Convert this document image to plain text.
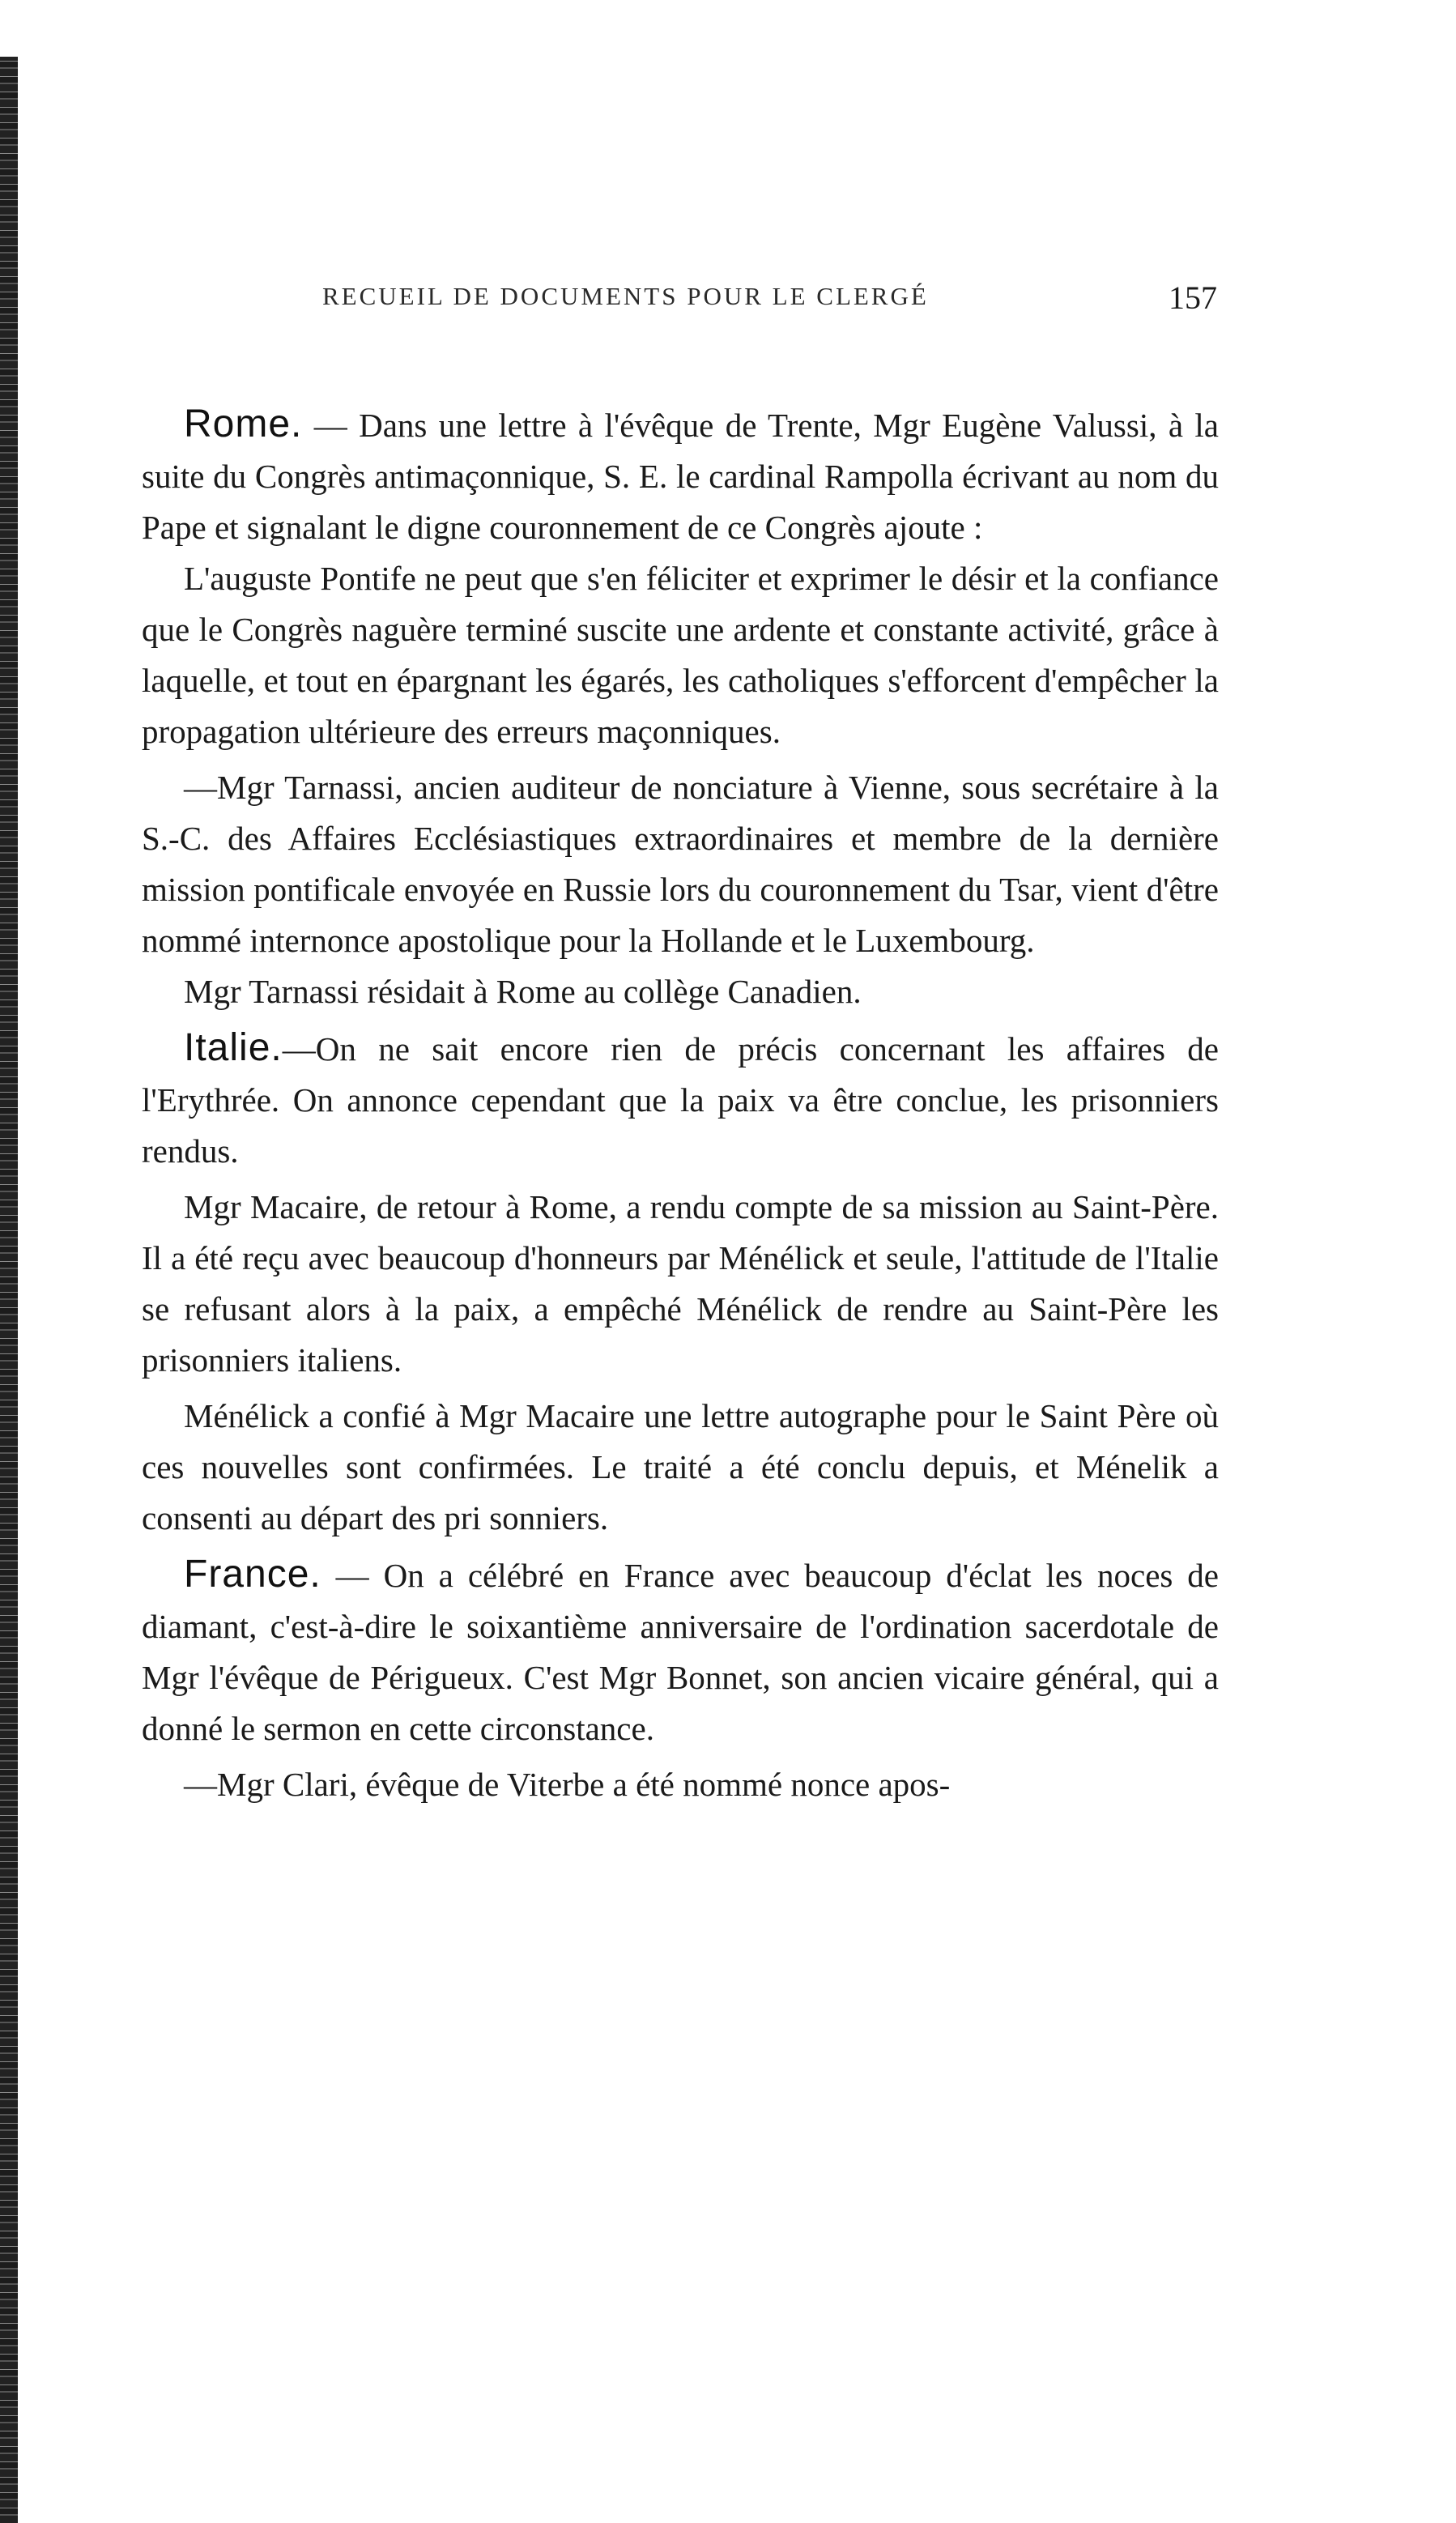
RECUEIL DE DOCUMENTS POUR LE CLERGÉ	157

Rome. — Dans une lettre à l'évêque de Trente, Mgr Eugène Valussi, à la suite du Congrès antimaçonnique, S. E. le cardinal Rampolla écrivant au nom du Pape et signalant le digne couronnement de ce Congrès ajoute :

L'auguste Pontife ne peut que s'en féliciter et exprimer le désir et la confiance que le Congrès naguère terminé suscite une ardente et constante activité, grâce à laquelle, et tout en épargnant les égarés, les catholiques s'efforcent d'empêcher la propagation ultérieure des erreurs maçonniques.

—Mgr Tarnassi, ancien auditeur de nonciature à Vienne, sous secrétaire à la S.-C. des Affaires Ecclésiastiques extraordinaires et membre de la dernière mission pontificale envoyée en Russie lors du couronnement du Tsar, vient d'être nommé internonce apostolique pour la Hollande et le Luxembourg.

Mgr Tarnassi résidait à Rome au collège Canadien.

Italie.—On ne sait encore rien de précis concernant les affaires de l'Erythrée. On annonce cependant que la paix va être conclue, les prisonniers rendus.

Mgr Macaire, de retour à Rome, a rendu compte de sa mission au Saint-Père. Il a été reçu avec beaucoup d'honneurs par Ménélick et seule, l'attitude de l'Italie se refusant alors à la paix, a empêché Ménélick de rendre au Saint-Père les prisonniers italiens.

Ménélick a confié à Mgr Macaire une lettre autographe pour le Saint Père où ces nouvelles sont confirmées. Le traité a été conclu depuis, et Ménelik a consenti au départ des pri sonniers.

France. — On a célébré en France avec beaucoup d'éclat les noces de diamant, c'est-à-dire le soixantième anniversaire de l'ordination sacerdotale de Mgr l'évêque de Périgueux. C'est Mgr Bonnet, son ancien vicaire général, qui a donné le sermon en cette circonstance.

—Mgr Clari, évêque de Viterbe a été nommé nonce apos-
